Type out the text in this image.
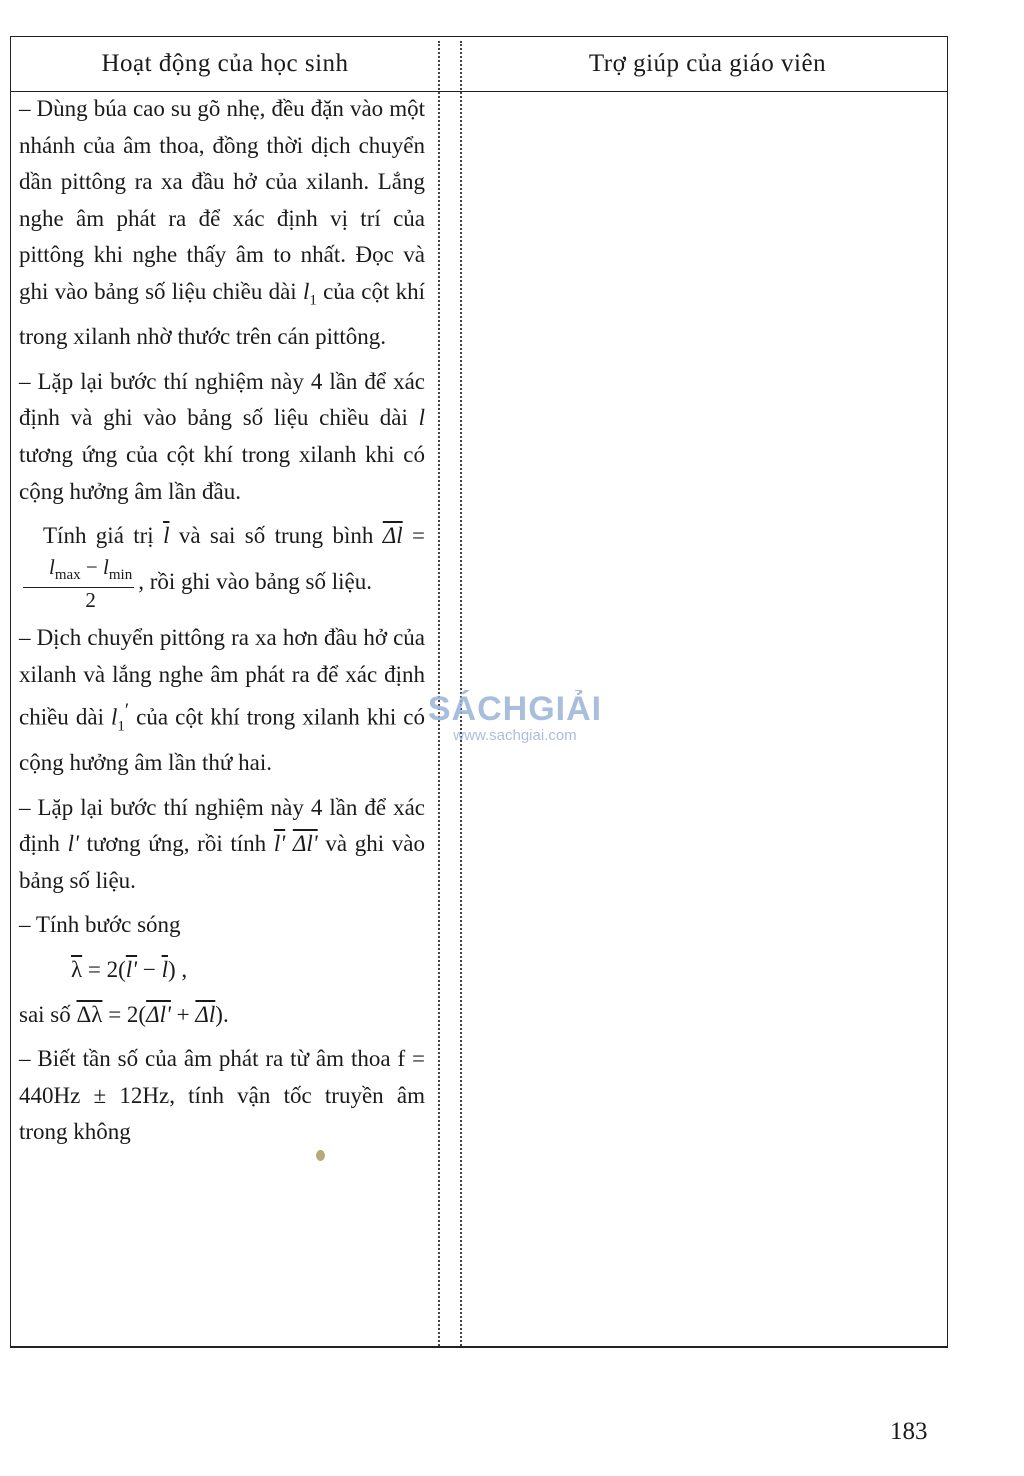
Hoạt động của học sinh	Trợ giúp của giáo viên

– Dùng búa cao su gõ nhẹ, đều đặn vào một nhánh của âm thoa, đồng thời dịch chuyển dần pittông ra xa đầu hở của xilanh. Lắng nghe âm phát ra để xác định vị trí của pittông khi nghe thấy âm to nhất. Đọc và ghi vào bảng số liệu chiều dài $l_1$ của cột khí trong xilanh nhờ thước trên cán pittông.

– Lặp lại bước thí nghiệm này 4 lần để xác định và ghi vào bảng số liệu chiều dài l tương ứng của cột khí trong xilanh khi có cộng hưởng âm lần đầu.

Tính giá trị $\overline{l}$ và sai số trung bình $\overline{\Delta l}$ =
$\frac{l_{max} - l_{min}}{2}$ , rồi ghi vào bảng số liệu.

– Dịch chuyển pittông ra xa hơn đầu hở của xilanh và lắng nghe âm phát ra để xác định chiều dài $l_1'$ của cột khí trong xilanh khi có cộng hưởng âm lần thứ hai.

– Lặp lại bước thí nghiệm này 4 lần để xác định l' tương ứng, rồi tính l' Δl' và ghi vào bảng số liệu.

– Tính bước sóng

$\overline{\lambda} = 2(l' - \overline{l})$ ,

sai số $\overline{\Delta\lambda} = 2(\Delta l' + \overline{\Delta l})$.

– Biết tần số của âm phát ra từ âm thoa f = 440Hz ± 12Hz, tính vận tốc truyền âm trong không

SÁCHGIẢI
www.sachgiai.com
183
